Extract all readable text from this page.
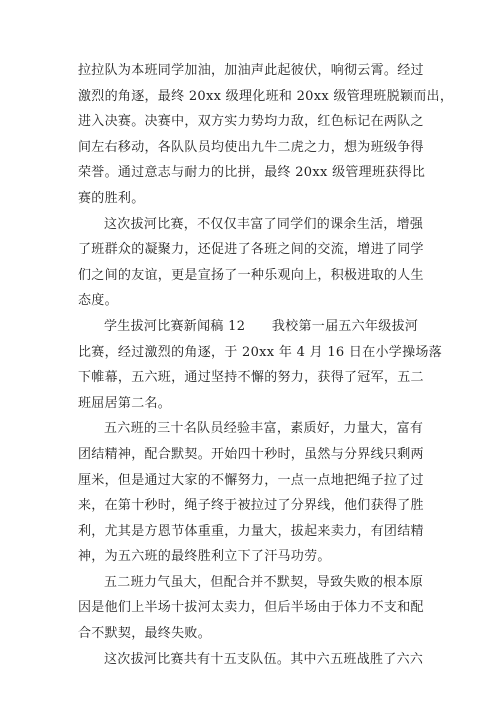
拉拉队为本班同学加油，加油声此起彼伏，响彻云霄。经过
激烈的角逐，最终 20xx 级理化班和 20xx 级管理班脱颖而出，
进入决赛。决赛中，双方实力势均力敌，红色标记在两队之
间左右移动，各队队员均使出九牛二虎之力，想为班级争得
荣誉。通过意志与耐力的比拼，最终 20xx 级管理班获得比
赛的胜利。
这次拔河比赛，不仅仅丰富了同学们的课余生活，增强
了班群众的凝聚力，还促进了各班之间的交流，增进了同学
们之间的友谊，更是宣扬了一种乐观向上，积极进取的人生
态度。
学生拔河比赛新闻稿 12　　我校第一届五六年级拔河
比赛，经过激烈的角逐，于 20xx 年 4 月 16 日在小学操场落
下帷幕，五六班，通过坚持不懈的努力，获得了冠军，五二
班屈居第二名。
五六班的三十名队员经验丰富，素质好，力量大，富有
团结精神，配合默契。开始四十秒时，虽然与分界线只剩两
厘米，但是通过大家的不懈努力，一点一点地把绳子拉了过
来，在第十秒时，绳子终于被拉过了分界线，他们获得了胜
利，尤其是方恩节体重重，力量大，拔起来卖力，有团结精
神，为五六班的最终胜利立下了汗马功劳。
五二班力气虽大，但配合并不默契，导致失败的根本原
因是他们上半场十拔河太卖力，但后半场由于体力不支和配
合不默契，最终失败。
这次拔河比赛共有十五支队伍。其中六五班战胜了六六
